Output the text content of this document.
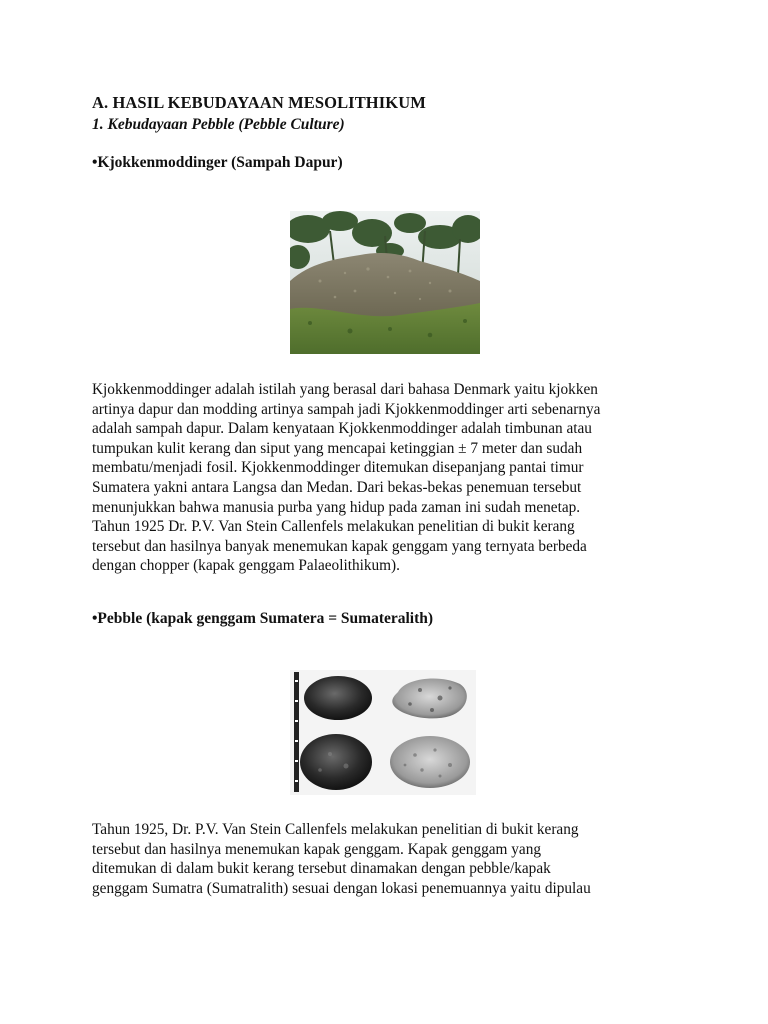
A. HASIL KEBUDAYAAN MESOLITHIKUM
1. Kebudayaan Pebble (Pebble Culture)
•Kjokkenmoddinger (Sampah Dapur)
Kjokkenmoddinger adalah istilah yang berasal dari bahasa Denmark yaitu kjokken
artinya dapur dan modding artinya sampah jadi Kjokkenmoddinger arti sebenarnya
adalah sampah dapur. Dalam kenyataan Kjokkenmoddinger adalah timbunan atau
tumpukan kulit kerang dan siput yang mencapai ketinggian ± 7 meter dan sudah
membatu/menjadi fosil. Kjokkenmoddinger ditemukan disepanjang pantai timur
Sumatera yakni antara Langsa dan Medan. Dari bekas-bekas penemuan tersebut
menunjukkan bahwa manusia purba yang hidup pada zaman ini sudah menetap.
Tahun 1925 Dr. P.V. Van Stein Callenfels melakukan penelitian di bukit kerang
tersebut dan hasilnya banyak menemukan kapak genggam yang ternyata berbeda
dengan chopper (kapak genggam Palaeolithikum).
•Pebble (kapak genggam Sumatera = Sumateralith)
Tahun 1925, Dr. P.V. Van Stein Callenfels melakukan penelitian di bukit kerang
tersebut dan hasilnya menemukan kapak genggam. Kapak genggam yang
ditemukan di dalam bukit kerang tersebut dinamakan dengan pebble/kapak
genggam Sumatra (Sumatralith) sesuai dengan lokasi penemuannya yaitu dipulau
